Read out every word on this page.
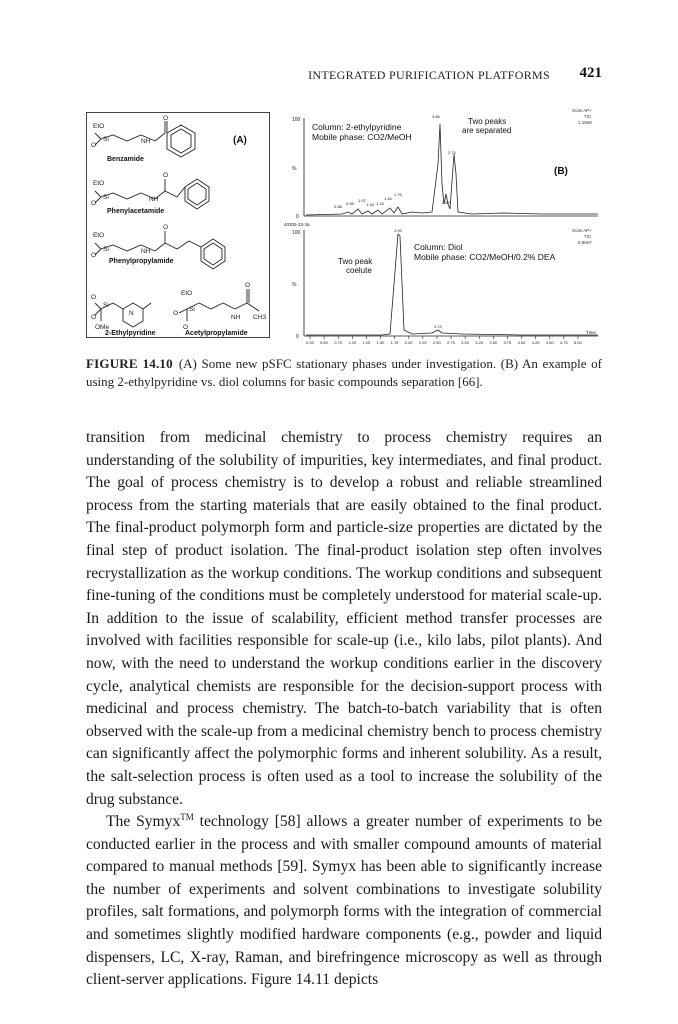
INTEGRATED PURIFICATION PLATFORMS 421
EtO
O
Si	NH
O
EtO
O
Si	NH
O
EtO
O
Si	NH
O
O
O
Si
OMe
N
EtO
O
Si
O
NH
O
CH3
Benzamide
Phenylacetamide
Phenylpropylamide
2-Ethylpyridine	Acetylpropylamide
(A)
100
%
0
40305-33-3a
0.88
0.95
1.07
1.18 1.18
1.46
1.76
2.59
2.74
3.86
Column: 2-ethylpyridine
Mobile phase: CO2/MeOH
Two peaks
are separated
Scan AP+
TIC
1.10e8
(B)
100
%
0
1.99
2.72
Column: Diol
Mobile phase: CO2/MeOH/0.2% DEA
Two peak
coelute
Scan AP+
TIC
5.90e7
0.25 0.50 0.75 1.00 1.25 1.50 1.75 2.00 2.25 2.50 2.75 3.00 3.25 3.50 3.75 4.00 4.25 4.50 4.75 5.00
Time
FIGURE 14.10 (A) Some new pSFC stationary phases under investigation. (B) An example of using 2-ethylpyridine vs. diol columns for basic compounds separation [66].

transition from medicinal chemistry to process chemistry requires an understanding of the solubility of impurities, key intermediates, and final product. The goal of process chemistry is to develop a robust and reliable streamlined process from the starting materials that are easily obtained to the final product. The final-product polymorph form and particle-size properties are dictated by the final step of product isolation. The final-product isolation step often involves recrystallization as the workup conditions. The workup conditions and subsequent fine-tuning of the conditions must be completely understood for material scale-up. In addition to the issue of scalability, efficient method transfer processes are involved with facilities responsible for scale-up (i.e., kilo labs, pilot plants). And now, with the need to understand the workup conditions earlier in the discovery cycle, analytical chemists are responsible for the decision-support process with medicinal and process chemistry. The batch-to-batch variability that is often observed with the scale-up from a medicinal chemistry bench to process chemistry can significantly affect the polymorphic forms and inherent solubility. As a result, the salt-selection process is often used as a tool to increase the solubility of the drug substance.

The Symyx™ technology [58] allows a greater number of experiments to be conducted earlier in the process and with smaller compound amounts of material compared to manual methods [59]. Symyx has been able to significantly increase the number of experiments and solvent combinations to investigate solubility profiles, salt formations, and polymorph forms with the integration of commercial and sometimes slightly modified hardware components (e.g., powder and liquid dispensers, LC, X-ray, Raman, and birefringence microscopy as well as through client-server applications. Figure 14.11 depicts
